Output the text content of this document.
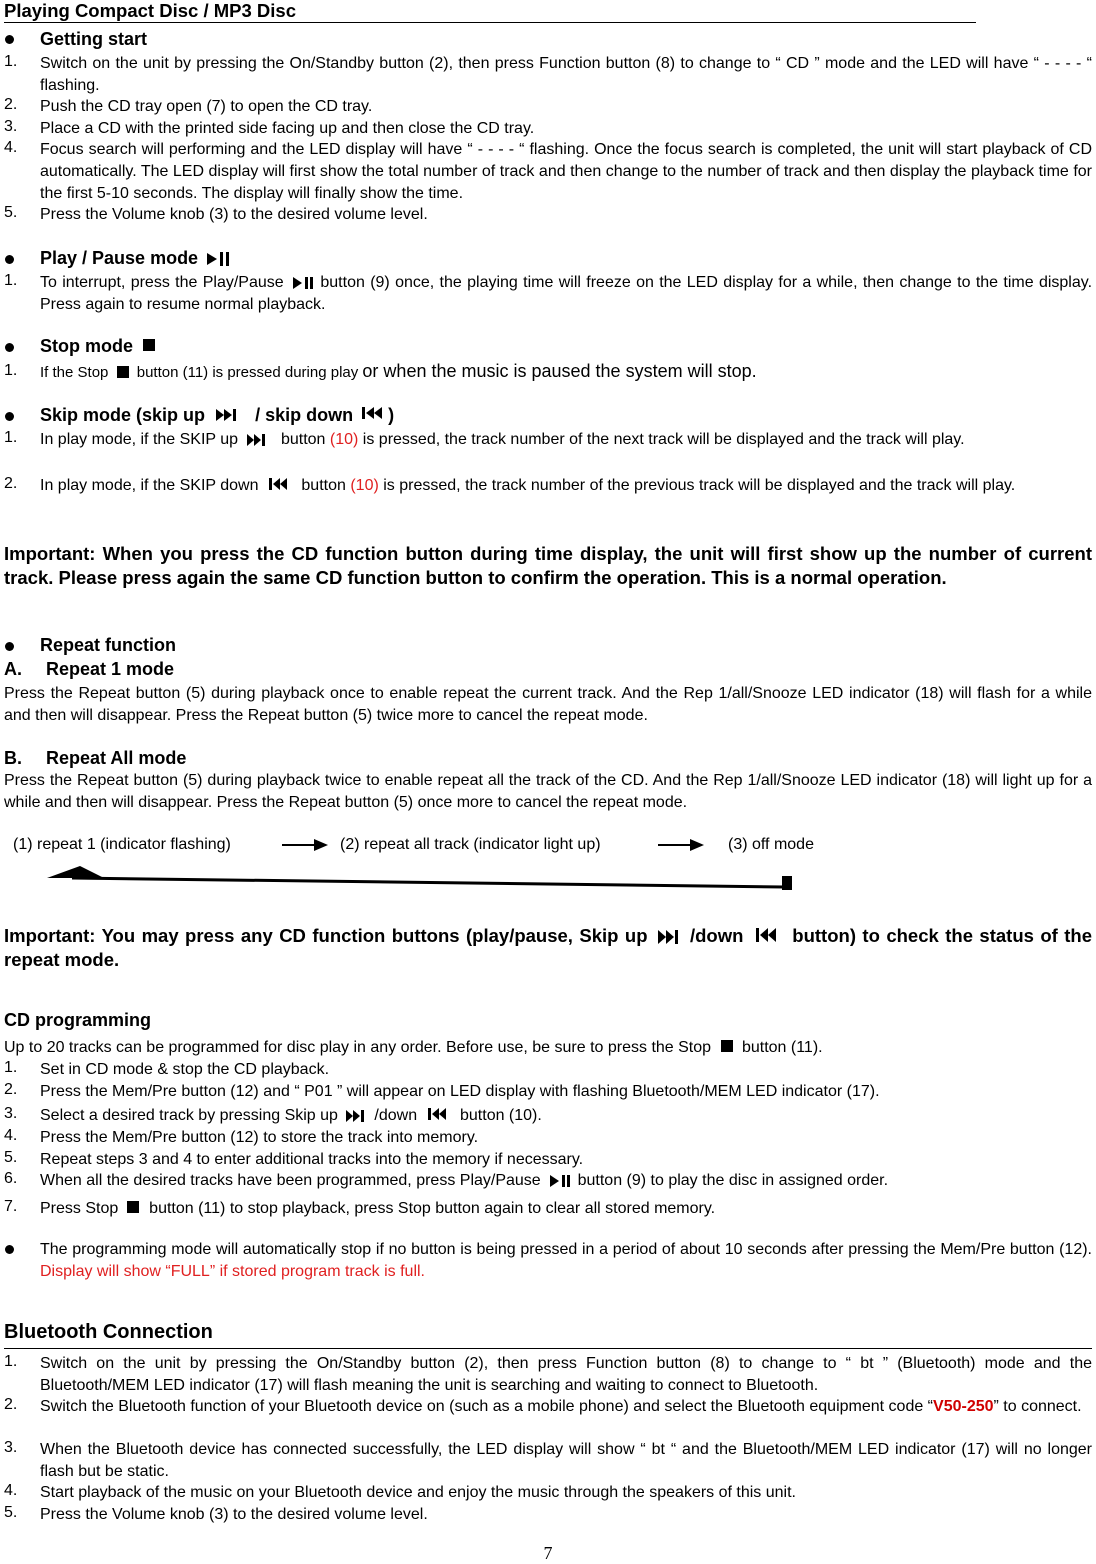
Playing Compact Disc / MP3 Disc
Getting start
1. Switch on the unit by pressing the On/Standby button (2), then press Function button (8) to change to “ CD ” mode and the LED will have “ - - - - “ flashing.
2. Push the CD tray open (7) to open the CD tray.
3. Place a CD with the printed side facing up and then close the CD tray.
4. Focus search will performing and the LED display will have “ - - - - “ flashing. Once the focus search is completed, the unit will start playback of CD automatically. The LED display will first show the total number of track and then change to the number of track and then display the playback time for the first 5-10 seconds. The display will finally show the time.
5. Press the Volume knob (3) to the desired volume level.
Play / Pause mode
1. To interrupt, press the Play/Pause button (9) once, the playing time will freeze on the LED display for a while, then change to the time display. Press again to resume normal playback.
Stop mode
1. If the Stop button (11) is pressed during play or when the music is paused the system will stop.
Skip mode (skip up	/ skip down )
1. In play mode, if the SKIP up	button (10) is pressed, the track number of the next track will be displayed and the track will play.
2. In play mode, if the SKIP down	button (10) is pressed, the track number of the previous track will be displayed and the track will play.
Important: When you press the CD function button during time display, the unit will first show up the number of current track. Please press again the same CD function button to confirm the operation. This is a normal operation.
Repeat function
A. Repeat 1 mode
Press the Repeat button (5) during playback once to enable repeat the current track. And the Rep 1/all/Snooze LED indicator (18) will flash for a while and then will disappear. Press the Repeat button (5) twice more to cancel the repeat mode.
B. Repeat All mode
Press the Repeat button (5) during playback twice to enable repeat all the track of the CD. And the Rep 1/all/Snooze LED indicator (18) will light up for a while and then will disappear. Press the Repeat button (5) once more to cancel the repeat mode.
(1) repeat 1 (indicator flashing)	(2) repeat all track (indicator light up)	(3) off mode
Important: You may press any CD function buttons (play/pause, Skip up /down	button) to check the status of the repeat mode.
CD programming
Up to 20 tracks can be programmed for disc play in any order. Before use, be sure to press the Stop button (11).
1. Set in CD mode & stop the CD playback.
2. Press the Mem/Pre button (12) and “ P01 ” will appear on LED display with flashing Bluetooth/MEM LED indicator (17).
3. Select a desired track by pressing Skip up /down	button (10).
4. Press the Mem/Pre button (12) to store the track into memory.
5. Repeat steps 3 and 4 to enter additional tracks into the memory if necessary.
6. When all the desired tracks have been programmed, press Play/Pause button (9) to play the disc in assigned order.
7. Press Stop button (11) to stop playback, press Stop button again to clear all stored memory.
The programming mode will automatically stop if no button is being pressed in a period of about 10 seconds after pressing the Mem/Pre button (12). Display will show “FULL” if stored program track is full.
Bluetooth Connection
1. Switch on the unit by pressing the On/Standby button (2), then press Function button (8) to change to “ bt ” (Bluetooth) mode and the Bluetooth/MEM LED indicator (17) will flash meaning the unit is searching and waiting to connect to Bluetooth.
2. Switch the Bluetooth function of your Bluetooth device on (such as a mobile phone) and select the Bluetooth equipment code “V50-250” to connect.
3. When the Bluetooth device has connected successfully, the LED display will show “ bt “ and the Bluetooth/MEM LED indicator (17) will no longer flash but be static.
4. Start playback of the music on your Bluetooth device and enjoy the music through the speakers of this unit.
5. Press the Volume knob (3) to the desired volume level.
7
